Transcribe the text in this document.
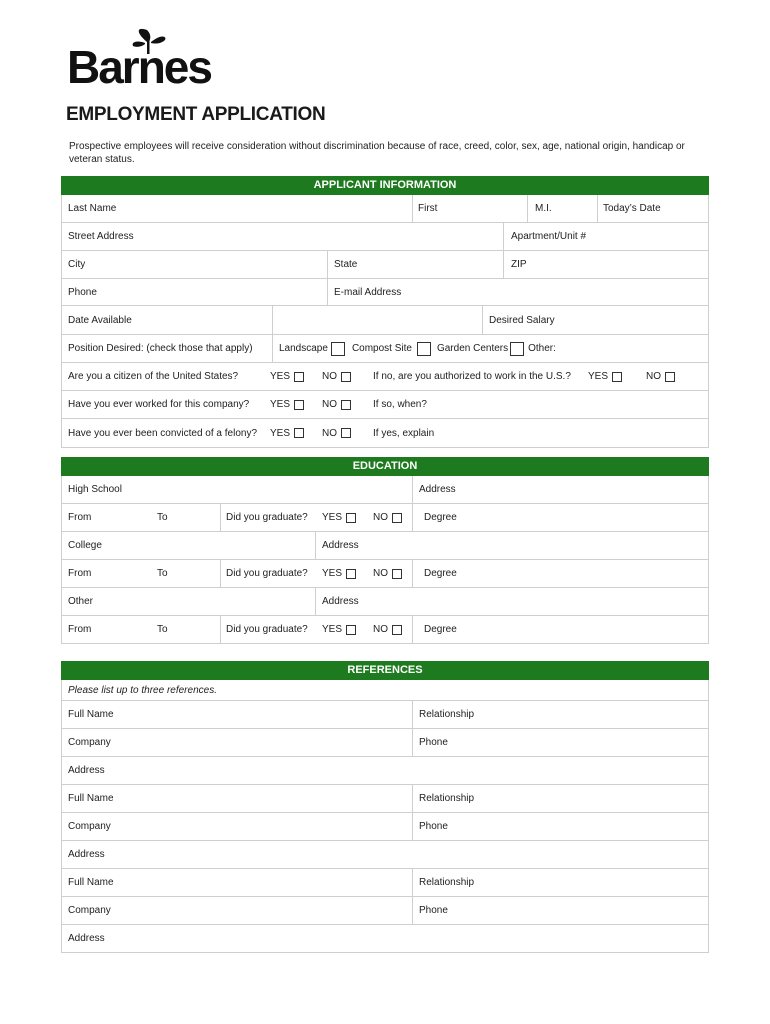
Barnes
EMPLOYMENT APPLICATION
Prospective employees will receive consideration without discrimination because of race, creed, color, sex, age, national origin, handicap or veteran status.
APPLICANT INFORMATION
Last Name	First	M.I.	Today’s Date
Street Address	Apartment/Unit #
City	State	ZIP
Phone	E-mail Address
Date Available	Desired Salary
Position Desired: (check those that apply)	Landscape Compost Site	Garden Centers Other:
Are you a citizen of the United States?	YES	NO	If no, are you authorized to work in the U.S.?	YES	NO
Have you ever worked for this company?	YES	NO	If so, when?
Have you ever been convicted of a felony?	YES	NO	If yes, explain
EDUCATION
High School	Address
From	To	Did you graduate?	YES	NO	Degree
College	Address
From	To	Did you graduate?	YES	NO	Degree
Other	Address
From	To	Did you graduate?	YES	NO	Degree
REFERENCES
Please list up to three references.
Full Name	Relationship
Company	Phone
Address
Full Name	Relationship
Company	Phone
Address
Full Name	Relationship
Company	Phone
Address
